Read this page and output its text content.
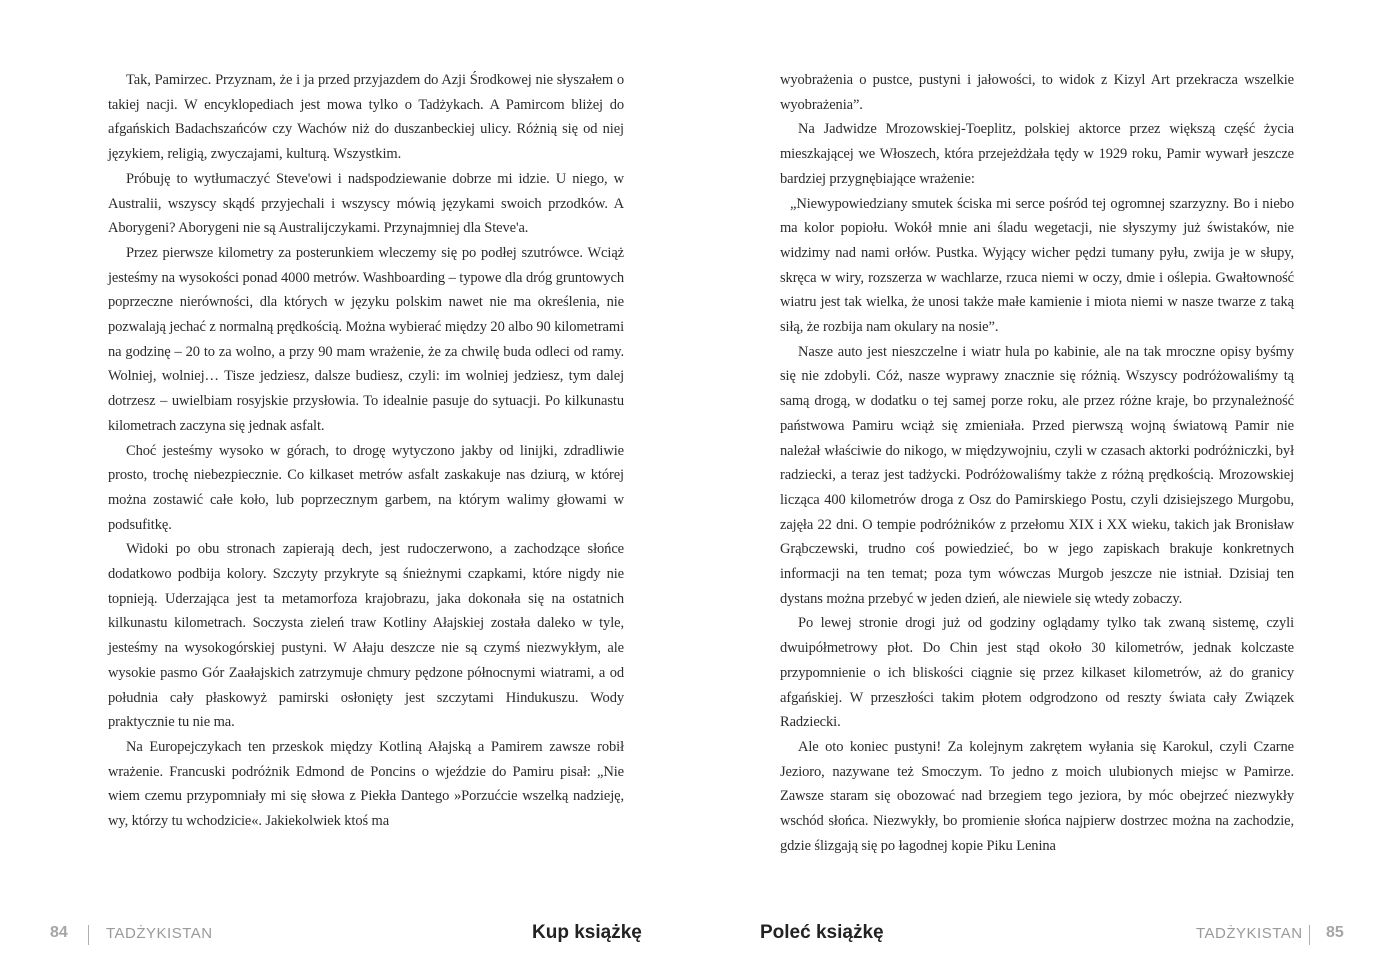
Tak, Pamirzec. Przyznam, że i ja przed przyjazdem do Azji Środkowej nie słyszałem o takiej nacji. W encyklopediach jest mowa tylko o Tadżykach. A Pamircom bliżej do afgańskich Badachszańców czy Wachów niż do duszanbeckiej ulicy. Różnią się od niej językiem, religią, zwyczajami, kulturą. Wszystkim.

Próbuję to wytłumaczyć Steve'owi i nadspodziewanie dobrze mi idzie. U niego, w Australii, wszyscy skądś przyjechali i wszyscy mówią językami swoich przodków. A Aborygeni? Aborygeni nie są Australijczykami. Przynajmniej dla Steve'a.

Przez pierwsze kilometry za posterunkiem wleczemy się po podłej szutrówce. Wciąż jesteśmy na wysokości ponad 4000 metrów. Washboarding – typowe dla dróg gruntowych poprzeczne nierówności, dla których w języku polskim nawet nie ma określenia, nie pozwalają jechać z normalną prędkością. Można wybierać między 20 albo 90 kilometrami na godzinę – 20 to za wolno, a przy 90 mam wrażenie, że za chwilę buda odleci od ramy. Wolniej, wolniej… Tisze jedziesz, dalsze budiesz, czyli: im wolniej jedziesz, tym dalej dotrzesz – uwielbiam rosyjskie przysłowia. To idealnie pasuje do sytuacji. Po kilkunastu kilometrach zaczyna się jednak asfalt.

Choć jesteśmy wysoko w górach, to drogę wytyczono jakby od linijki, zdradliwie prosto, trochę niebezpiecznie. Co kilkaset metrów asfalt zaskakuje nas dziurą, w której można zostawić całe koło, lub poprzecznym garbem, na którym walimy głowami w podsufitkę.

Widoki po obu stronach zapierają dech, jest rudoczerwono, a zachodzące słońce dodatkowo podbija kolory. Szczyty przykryte są śnieżnymi czapkami, które nigdy nie topnieją. Uderzająca jest ta metamorfoza krajobrazu, jaka dokonała się na ostatnich kilkunastu kilometrach. Soczysta zieleń traw Kotliny Ałajskiej została daleko w tyle, jesteśmy na wysokogórskiej pustyni. W Ałaju deszcze nie są czymś niezwykłym, ale wysokie pasmo Gór Zaałajskich zatrzymuje chmury pędzone północnymi wiatrami, a od południa cały płaskowyż pamirski osłonięty jest szczytami Hindukuszu. Wody praktycznie tu nie ma.

Na Europejczykach ten przeskok między Kotliną Ałajską a Pamirem zawsze robił wrażenie. Francuski podróżnik Edmond de Poncins o wjeździe do Pamiru pisał: „Nie wiem czemu przypomniały mi się słowa z Piekła Dantego »Porzućcie wszelką nadzieję, wy, którzy tu wchodzicie«. Jakiekolwiek ktoś ma

wyobrażenia o pustce, pustyni i jałowości, to widok z Kizyl Art przekracza wszelkie wyobrażenia”.

Na Jadwidze Mrozowskiej-Toeplitz, polskiej aktorce przez większą część życia mieszkającej we Włoszech, która przejeżdżała tędy w 1929 roku, Pamir wywarł jeszcze bardziej przygnębiające wrażenie:

„Niewypowiedziany smutek ściska mi serce pośród tej ogromnej szarzyzny. Bo i niebo ma kolor popiołu. Wokół mnie ani śladu wegetacji, nie słyszymy już świstaków, nie widzimy nad nami orłów. Pustka. Wyjący wicher pędzi tumany pyłu, zwija je w słupy, skręca w wiry, rozszerza w wachlarze, rzuca niemi w oczy, dmie i oślepia. Gwałtowność wiatru jest tak wielka, że unosi także małe kamienie i miota niemi w nasze twarze z taką siłą, że rozbija nam okulary na nosie”.

Nasze auto jest nieszczelne i wiatr hula po kabinie, ale na tak mroczne opisy byśmy się nie zdobyli. Cóż, nasze wyprawy znacznie się różnią. Wszyscy podróżowaliśmy tą samą drogą, w dodatku o tej samej porze roku, ale przez różne kraje, bo przynależność państwowa Pamiru wciąż się zmieniała. Przed pierwszą wojną światową Pamir nie należał właściwie do nikogo, w międzywojniu, czyli w czasach aktorki podróżniczki, był radziecki, a teraz jest tadżycki. Podróżowaliśmy także z różną prędkością. Mrozowskiej licząca 400 kilometrów droga z Osz do Pamirskiego Postu, czyli dzisiejszego Murgobu, zajęła 22 dni. O tempie podróżników z przełomu XIX i XX wieku, takich jak Bronisław Grąbczewski, trudno coś powiedzieć, bo w jego zapiskach brakuje konkretnych informacji na ten temat; poza tym wówczas Murgob jeszcze nie istniał. Dzisiaj ten dystans można przebyć w jeden dzień, ale niewiele się wtedy zobaczy.

Po lewej stronie drogi już od godziny oglądamy tylko tak zwaną sistemę, czyli dwuipółmetrowy płot. Do Chin jest stąd około 30 kilometrów, jednak kolczaste przypomnienie o ich bliskości ciągnie się przez kilkaset kilometrów, aż do granicy afgańskiej. W przeszłości takim płotem odgrodzono od reszty świata cały Związek Radziecki.

Ale oto koniec pustyni! Za kolejnym zakrętem wyłania się Karokul, czyli Czarne Jezioro, nazywane też Smoczym. To jedno z moich ulubionych miejsc w Pamirze. Zawsze staram się obozować nad brzegiem tego jeziora, by móc obejrzeć niezwykły wschód słońca. Niezwykły, bo promienie słońca najpierw dostrzec można na zachodzie, gdzie ślizgają się po łagodnej kopie Piku Lenina

84	TADŻYKISTAN	Kup książkę	Poleć książkę	TADŻYKISTAN 85
